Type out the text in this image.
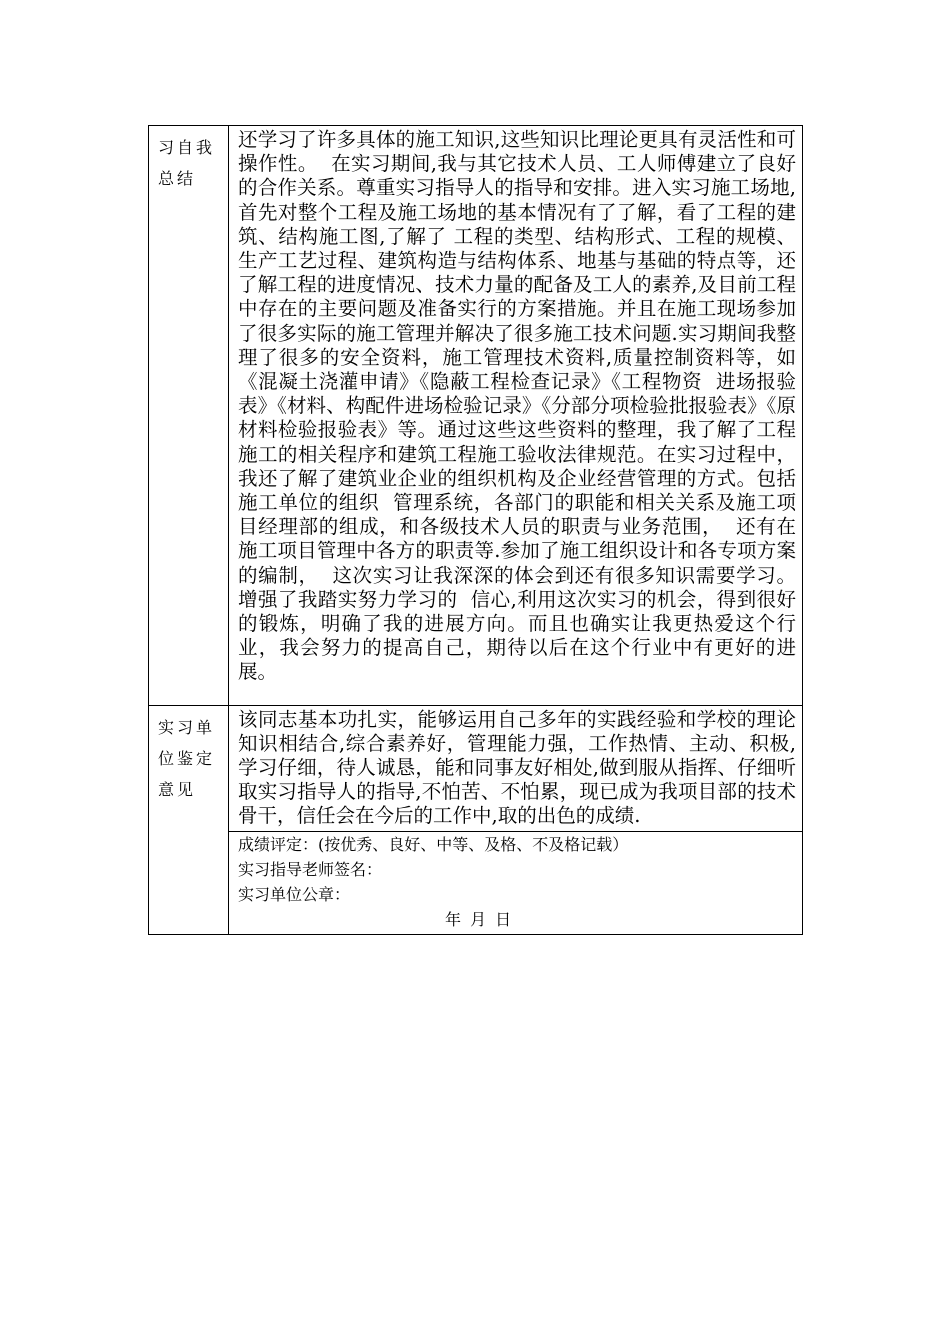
习自我总结	还学习了许多具体的施工知识,这些知识比理论更具有灵活性和可操作性。  在实习期间,我与其它技术人员、工人师傅建立了良好的合作关系。尊重实习指导人的指导和安排。进入实习施工场地,首先对整个工程及施工场地的基本情况有了了解，看了工程的建筑、结构施工图,了解了 工程的类型、结构形式、工程的规模、生产工艺过程、建筑构造与结构体系、地基与基础的特点等，还了解工程的进度情况、技术力量的配备及工人的素养,及目前工程中存在的主要问题及准备实行的方案措施。并且在施工现场参加了很多实际的施工管理并解决了很多施工技术问题.实习期间我整理了很多的安全资料，施工管理技术资料,质量控制资料等，如《混凝土浇灌申请》《隐蔽工程检查记录》《工程物资  进场报验表》《材料、构配件进场检验记录》《分部分项检验批报验表》《原材料检验报验表》等。通过这些这些资料的整理，我了解了工程施工的相关程序和建筑工程施工验收法律规范。在实习过程中，我还了解了建筑业企业的组织机构及企业经营管理的方式。包括施工单位的组织  管理系统，各部门的职能和相关关系及施工项目经理部的组成，和各级技术人员的职责与业务范围，  还有在施工项目管理中各方的职责等.参加了施工组织设计和各专项方案的编制，  这次实习让我深深的体会到还有很多知识需要学习。增强了我踏实努力学习的  信心,利用这次实习的机会，得到很好的锻炼，明确了我的进展方向。而且也确实让我更热爱这个行  业，我会努力的提高自己，期待以后在这个行业中有更好的进展。

实习单位鉴定意见	该同志基本功扎实，能够运用自己多年的实践经验和学校的理论知识相结合,综合素养好，管理能力强，工作热情、主动、积极,学习仔细，待人诚恳，能和同事友好相处,做到服从指挥、仔细听取实习指导人的指导,不怕苦、不怕累，现已成为我项目部的技术骨干，信任会在今后的工作中,取的出色的成绩.

	成绩评定：(按优秀、良好、中等、及格、不及格记载）
实习指导老师签名：
实习单位公章：
年 月 日
